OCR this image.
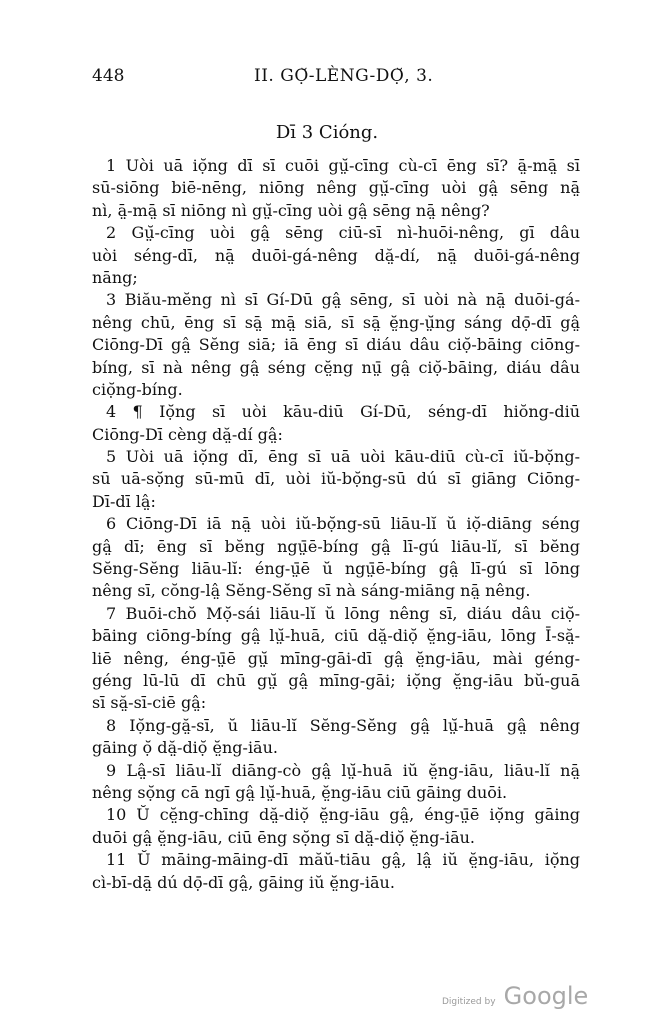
448	II. GỌ̆-LÈNG-DỌ̆, 3.
Dī 3 Cióng.
1 Uòi uā iọ̆ng dī sī cuōi gṳ̆-cīng cù-cī ēng sī? ā̤-mā̤ sī
sū-siōng biē-nēng, niōng nêng gṳ̆-cīng uòi gâ̤ sēng nā̤
nì, ā̤-mā̤ sī niōng nì gṳ̆-cīng uòi gâ̤ sēng nā̤ nêng?
2 Gṳ̆-cīng uòi gâ̤ sēng ciū-sī nì-huōi-nêng, gī dâu
uòi séng-dī, nā̤ duōi-gá-nêng dă̤-dí, nā̤ duōi-gá-nêng
nāng;
3 Biău-mĕng nì sī Gí-Dū gâ̤ sēng, sī uòi nà nā̤ duōi-gá-
nêng chū, ēng sī sā̤ mā̤ siā, sī sā̤ ĕ̤ng-ṳ̆ng sáng dọ̄-dī gâ̤
Ciōng-Dī gâ̤ Sĕng siā; iā ēng sī diáu dâu ciọ̆-bāing ciōng-
bíng, sī nà nêng gâ̤ séng cĕ̤ng nṳ̄ gâ̤ ciọ̆-bāing, diáu dâu
ciọ̆ng-bíng.
4 ¶ Iọ̆ng sī uòi kāu-diū Gí-Dū, séng-dī hiŏng-diū
Ciōng-Dī cèng dă̤-dí gâ̤:
5 Uòi uā iọ̆ng dī, ēng sī uā uòi kāu-diū cù-cī iŭ-bọ̆ng-
sū uā-sọ̆ng sū-mū dī, uòi iŭ-bọ̆ng-sū dú sī giāng Ciōng-
Dī-dī lâ̤:
6 Ciōng-Dī iā nā̤ uòi iŭ-bọ̆ng-sū liāu-lĭ ŭ iọ̆-diāng séng
gâ̤ dī; ēng sī bĕng ngṳ̄ē-bíng gâ̤ lī-gú liāu-lĭ, sī bĕng
Sĕng-Sĕng liāu-lĭ: éng-ṳ̄ē ŭ ngṳ̄ē-bíng gâ̤ lī-gú sī lōng
nêng sī, cŏng-lâ̤ Sĕng-Sĕng sī nà sáng-miāng nā̤ nêng.
7 Buōi-chŏ Mọ̆-sái liāu-lĭ ŭ lōng nêng sī, diáu dâu ciọ̆-
bāing ciōng-bíng gâ̤ lṳ̆-huā, ciū dă̤-diọ̆ ĕ̤ng-iāu, lōng Ī-să̤-
liē nêng, éng-ṳ̄ē gṳ̆ mīng-gāi-dī gâ̤ ĕ̤ng-iāu, mài géng-
géng lū-lū dī chū gṳ̆ gâ̤ mīng-gāi; iọ̆ng ĕ̤ng-iāu bŭ-guā
sī să̤-sī-ciē gâ̤:
8 Iọ̆ng-gă̤-sī, ŭ liāu-lĭ Sĕng-Sĕng gâ̤ lṳ̆-huā gâ̤ nêng
gāing ọ̆ dă̤-diọ̆ ĕ̤ng-iāu.
9 Lâ̤-sī liāu-lĭ diāng-cò gâ̤ lṳ̆-huā iŭ ĕ̤ng-iāu, liāu-lĭ nā̤
nêng sọ̆ng cā ngī gâ̤ lṳ̆-huā, ĕ̤ng-iāu ciū gāing duōi.
10 Ŭ cĕ̤ng-chīng dă̤-diọ̆ ĕ̤ng-iāu gâ̤, éng-ṳ̄ē iọ̆ng gāing
duōi gâ̤ ĕ̤ng-iāu, ciū ēng sọ̆ng sī dă̤-diọ̆ ĕ̤ng-iāu.
11 Ŭ māing-māing-dī măŭ-tiāu gâ̤, lâ̤ iŭ ĕ̤ng-iāu, iọ̆ng
cì-bī-dā̤ dú dọ̄-dī gâ̤, gāing iŭ ĕ̤ng-iāu.
Digitized by Google
